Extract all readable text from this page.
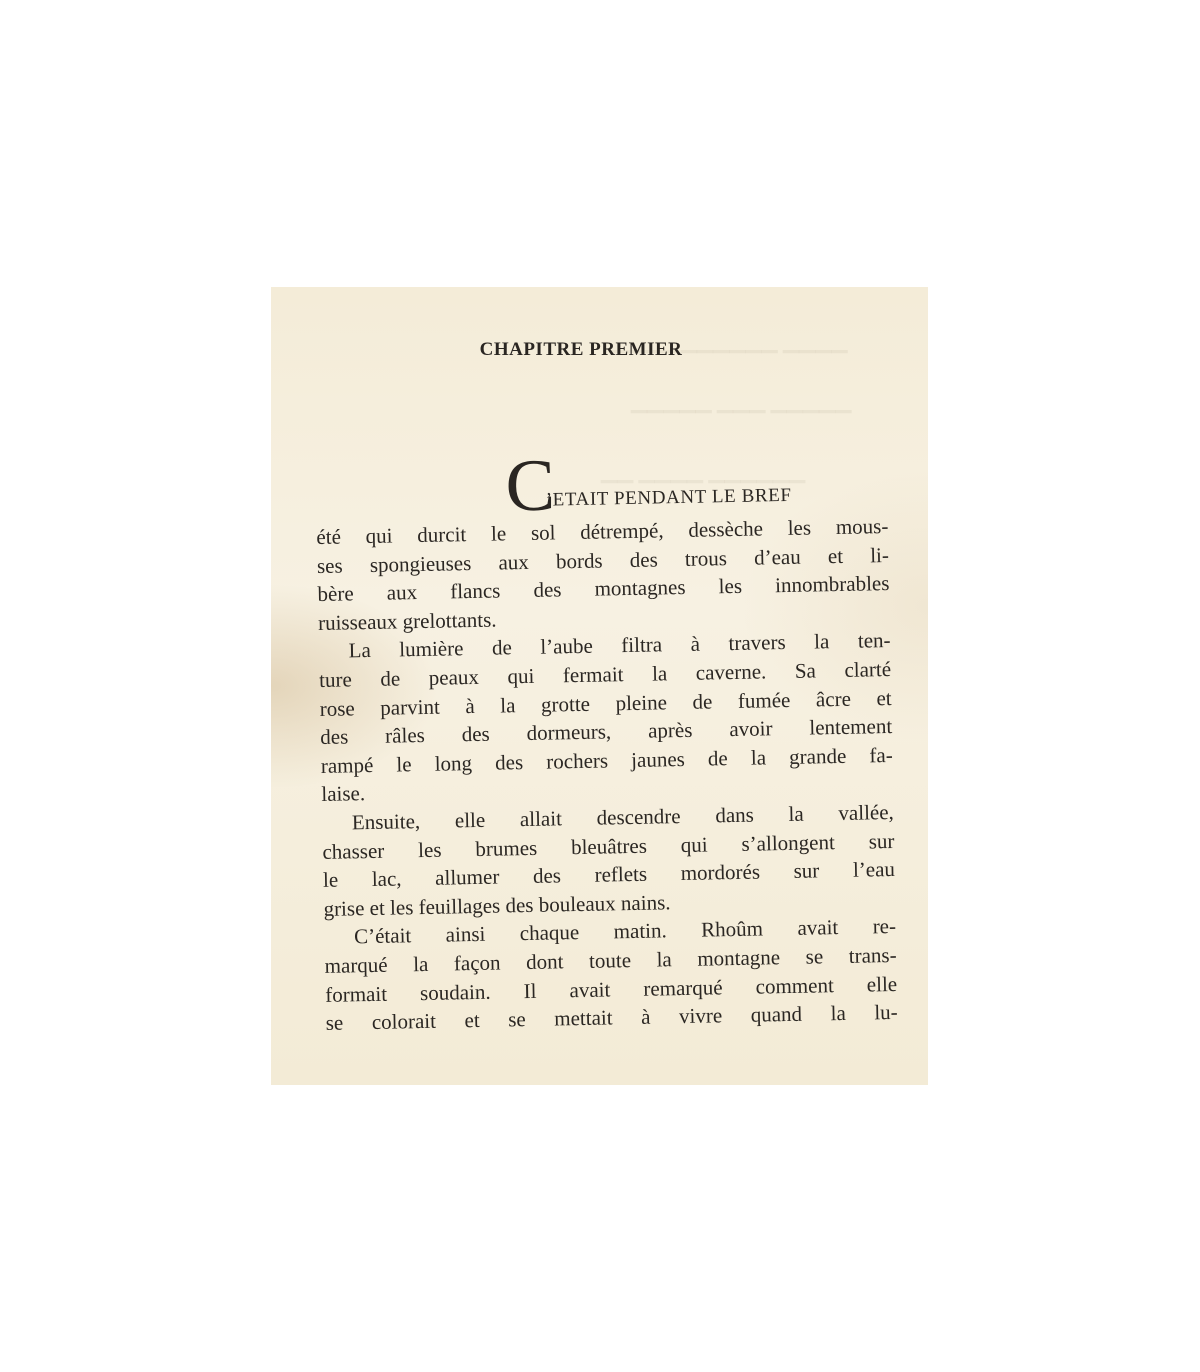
▁▁▁▁ ▁▁▁▁▁▁ ▁▁▁▁
▁▁▁▁▁ ▁▁▁ ▁▁▁▁▁
▁▁▁▁▁▁ ▁▁▁▁ ▁▁
CHAPITRE PREMIER
C
’ETAIT PENDANT LE BREF
été qui durcit le sol détrempé, dessèche les mous-
ses spongieuses aux bords des trous d’eau et li-
bère aux flancs des montagnes les innombrables
ruisseaux grelottants.
La lumière de l’aube filtra à travers la ten-
ture de peaux qui fermait la caverne. Sa clarté
rose parvint à la grotte pleine de fumée âcre et
des râles des dormeurs, après avoir lentement
rampé le long des rochers jaunes de la grande fa-
laise.
Ensuite, elle allait descendre dans la vallée,
chasser les brumes bleuâtres qui s’allongent sur
le lac, allumer des reflets mordorés sur l’eau
grise et les feuillages des bouleaux nains.
C’était ainsi chaque matin. Rhoûm avait re-
marqué la façon dont toute la montagne se trans-
formait soudain. Il avait remarqué comment elle
se colorait et se mettait à vivre quand la lu-
